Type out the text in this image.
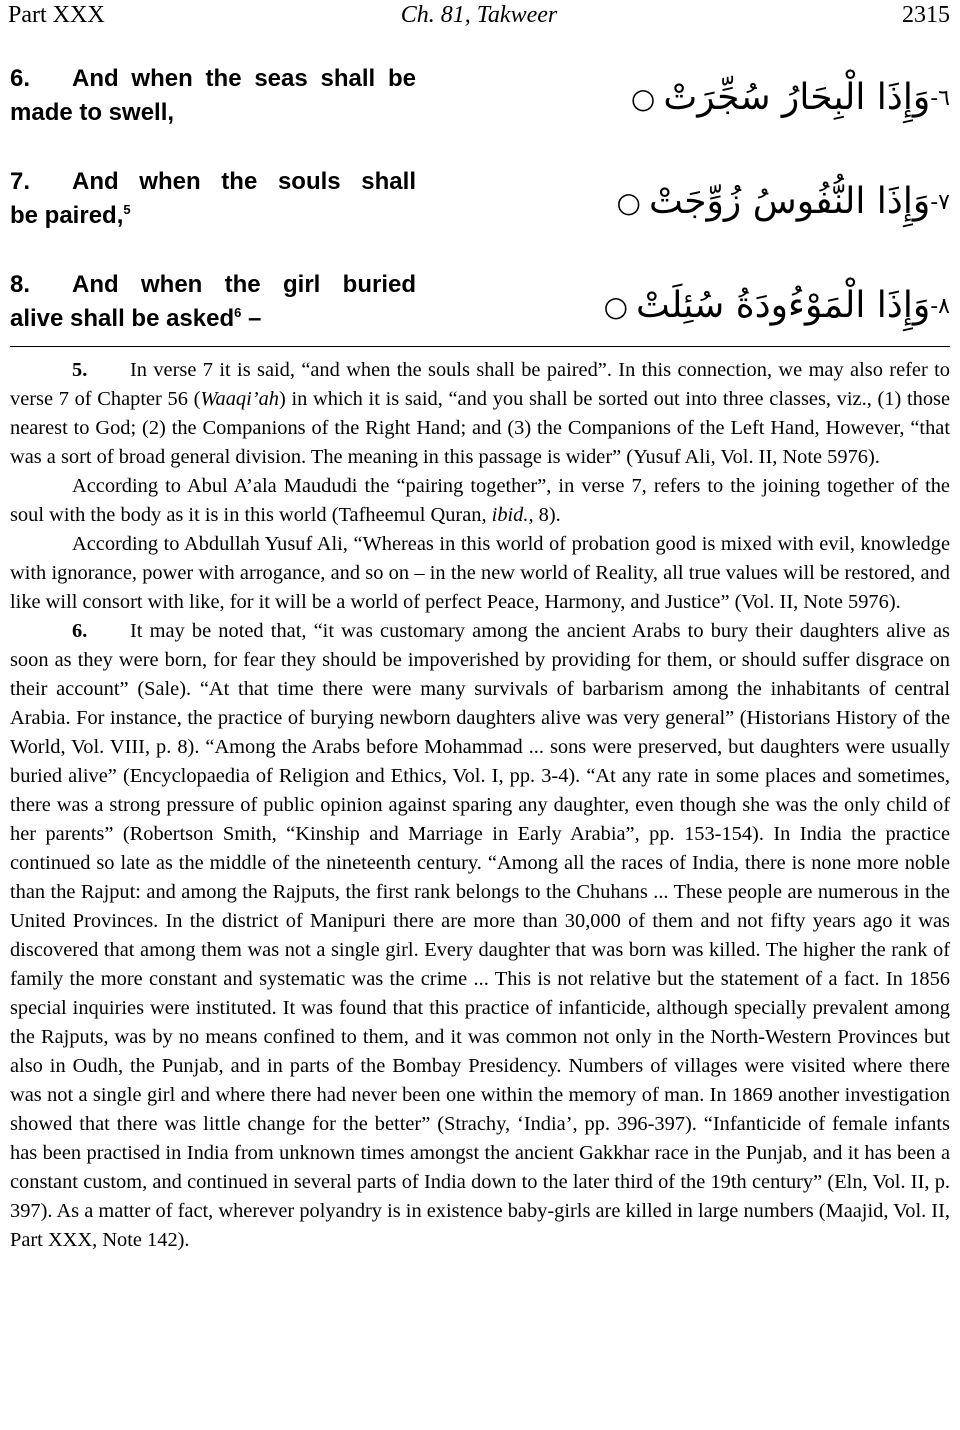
Part XXX	Ch. 81, Takweer	2315
6. And when the seas shall be
made to swell,
٦-وَإِذَا الْبِحَارُ سُجِّرَتْ○
7. And when the souls shall
be paired,$^5$	٧-وَإِذَا النُّفُوسُ زُوِّجَتْ○
8. And when the girl buried
alive shall be asked$^6$ –	٨-وَإِذَا الْمَوْءُودَةُ سُئِلَتْ○

5. In verse 7 it is said, “and when the souls shall be paired”. In this connection, we may also refer to verse 7 of Chapter 56 (Waaqi’ah) in which it is said, “and you shall be sorted out into three classes, viz., (1) those nearest to God; (2) the Companions of the Right Hand; and (3) the Companions of the Left Hand, However, “that was a sort of broad general division. The meaning in this passage is wider” (Yusuf Ali, Vol. II, Note 5976).

According to Abul A’ala Maududi the “pairing together”, in verse 7, refers to the joining together of the soul with the body as it is in this world (Tafheemul Quran, ibid., 8).

According to Abdullah Yusuf Ali, “Whereas in this world of probation good is mixed with evil, knowledge with ignorance, power with arrogance, and so on – in the new world of Reality, all true values will be restored, and like will consort with like, for it will be a world of perfect Peace, Harmony, and Justice” (Vol. II, Note 5976).

6. It may be noted that, “it was customary among the ancient Arabs to bury their daughters alive as soon as they were born, for fear they should be impoverished by providing for them, or should suffer disgrace on their account” (Sale). “At that time there were many survivals of barbarism among the inhabitants of central Arabia. For instance, the practice of burying newborn daughters alive was very general” (Historians History of the World, Vol. VIII, p. 8). “Among the Arabs before Mohammad ... sons were preserved, but daughters were usually buried alive” (Encyclopaedia of Religion and Ethics, Vol. I, pp. 3-4). “At any rate in some places and sometimes, there was a strong pressure of public opinion against sparing any daughter, even though she was the only child of her parents” (Robertson Smith, “Kinship and Marriage in Early Arabia”, pp. 153-154). In India the practice continued so late as the middle of the nineteenth century. “Among all the races of India, there is none more noble than the Rajput: and among the Rajputs, the first rank belongs to the Chuhans ... These people are numerous in the United Provinces. In the district of Manipuri there are more than 30,000 of them and not fifty years ago it was discovered that among them was not a single girl. Every daughter that was born was killed. The higher the rank of family the more constant and systematic was the crime ... This is not relative but the statement of a fact. In 1856 special inquiries were instituted. It was found that this practice of infanticide, although specially prevalent among the Rajputs, was by no means confined to them, and it was common not only in the North-Western Provinces but also in Oudh, the Punjab, and in parts of the Bombay Presidency. Numbers of villages were visited where there was not a single girl and where there had never been one within the memory of man. In 1869 another investigation showed that there was little change for the better” (Strachy, ‘India’, pp. 396-397). “Infanticide of female infants has been practised in India from unknown times amongst the ancient Gakkhar race in the Punjab, and it has been a constant custom, and continued in several parts of India down to the later third of the 19th century” (Eln, Vol. II, p. 397). As a matter of fact, wherever polyandry is in existence baby-girls are killed in large numbers (Maajid, Vol. II, Part XXX, Note 142).
